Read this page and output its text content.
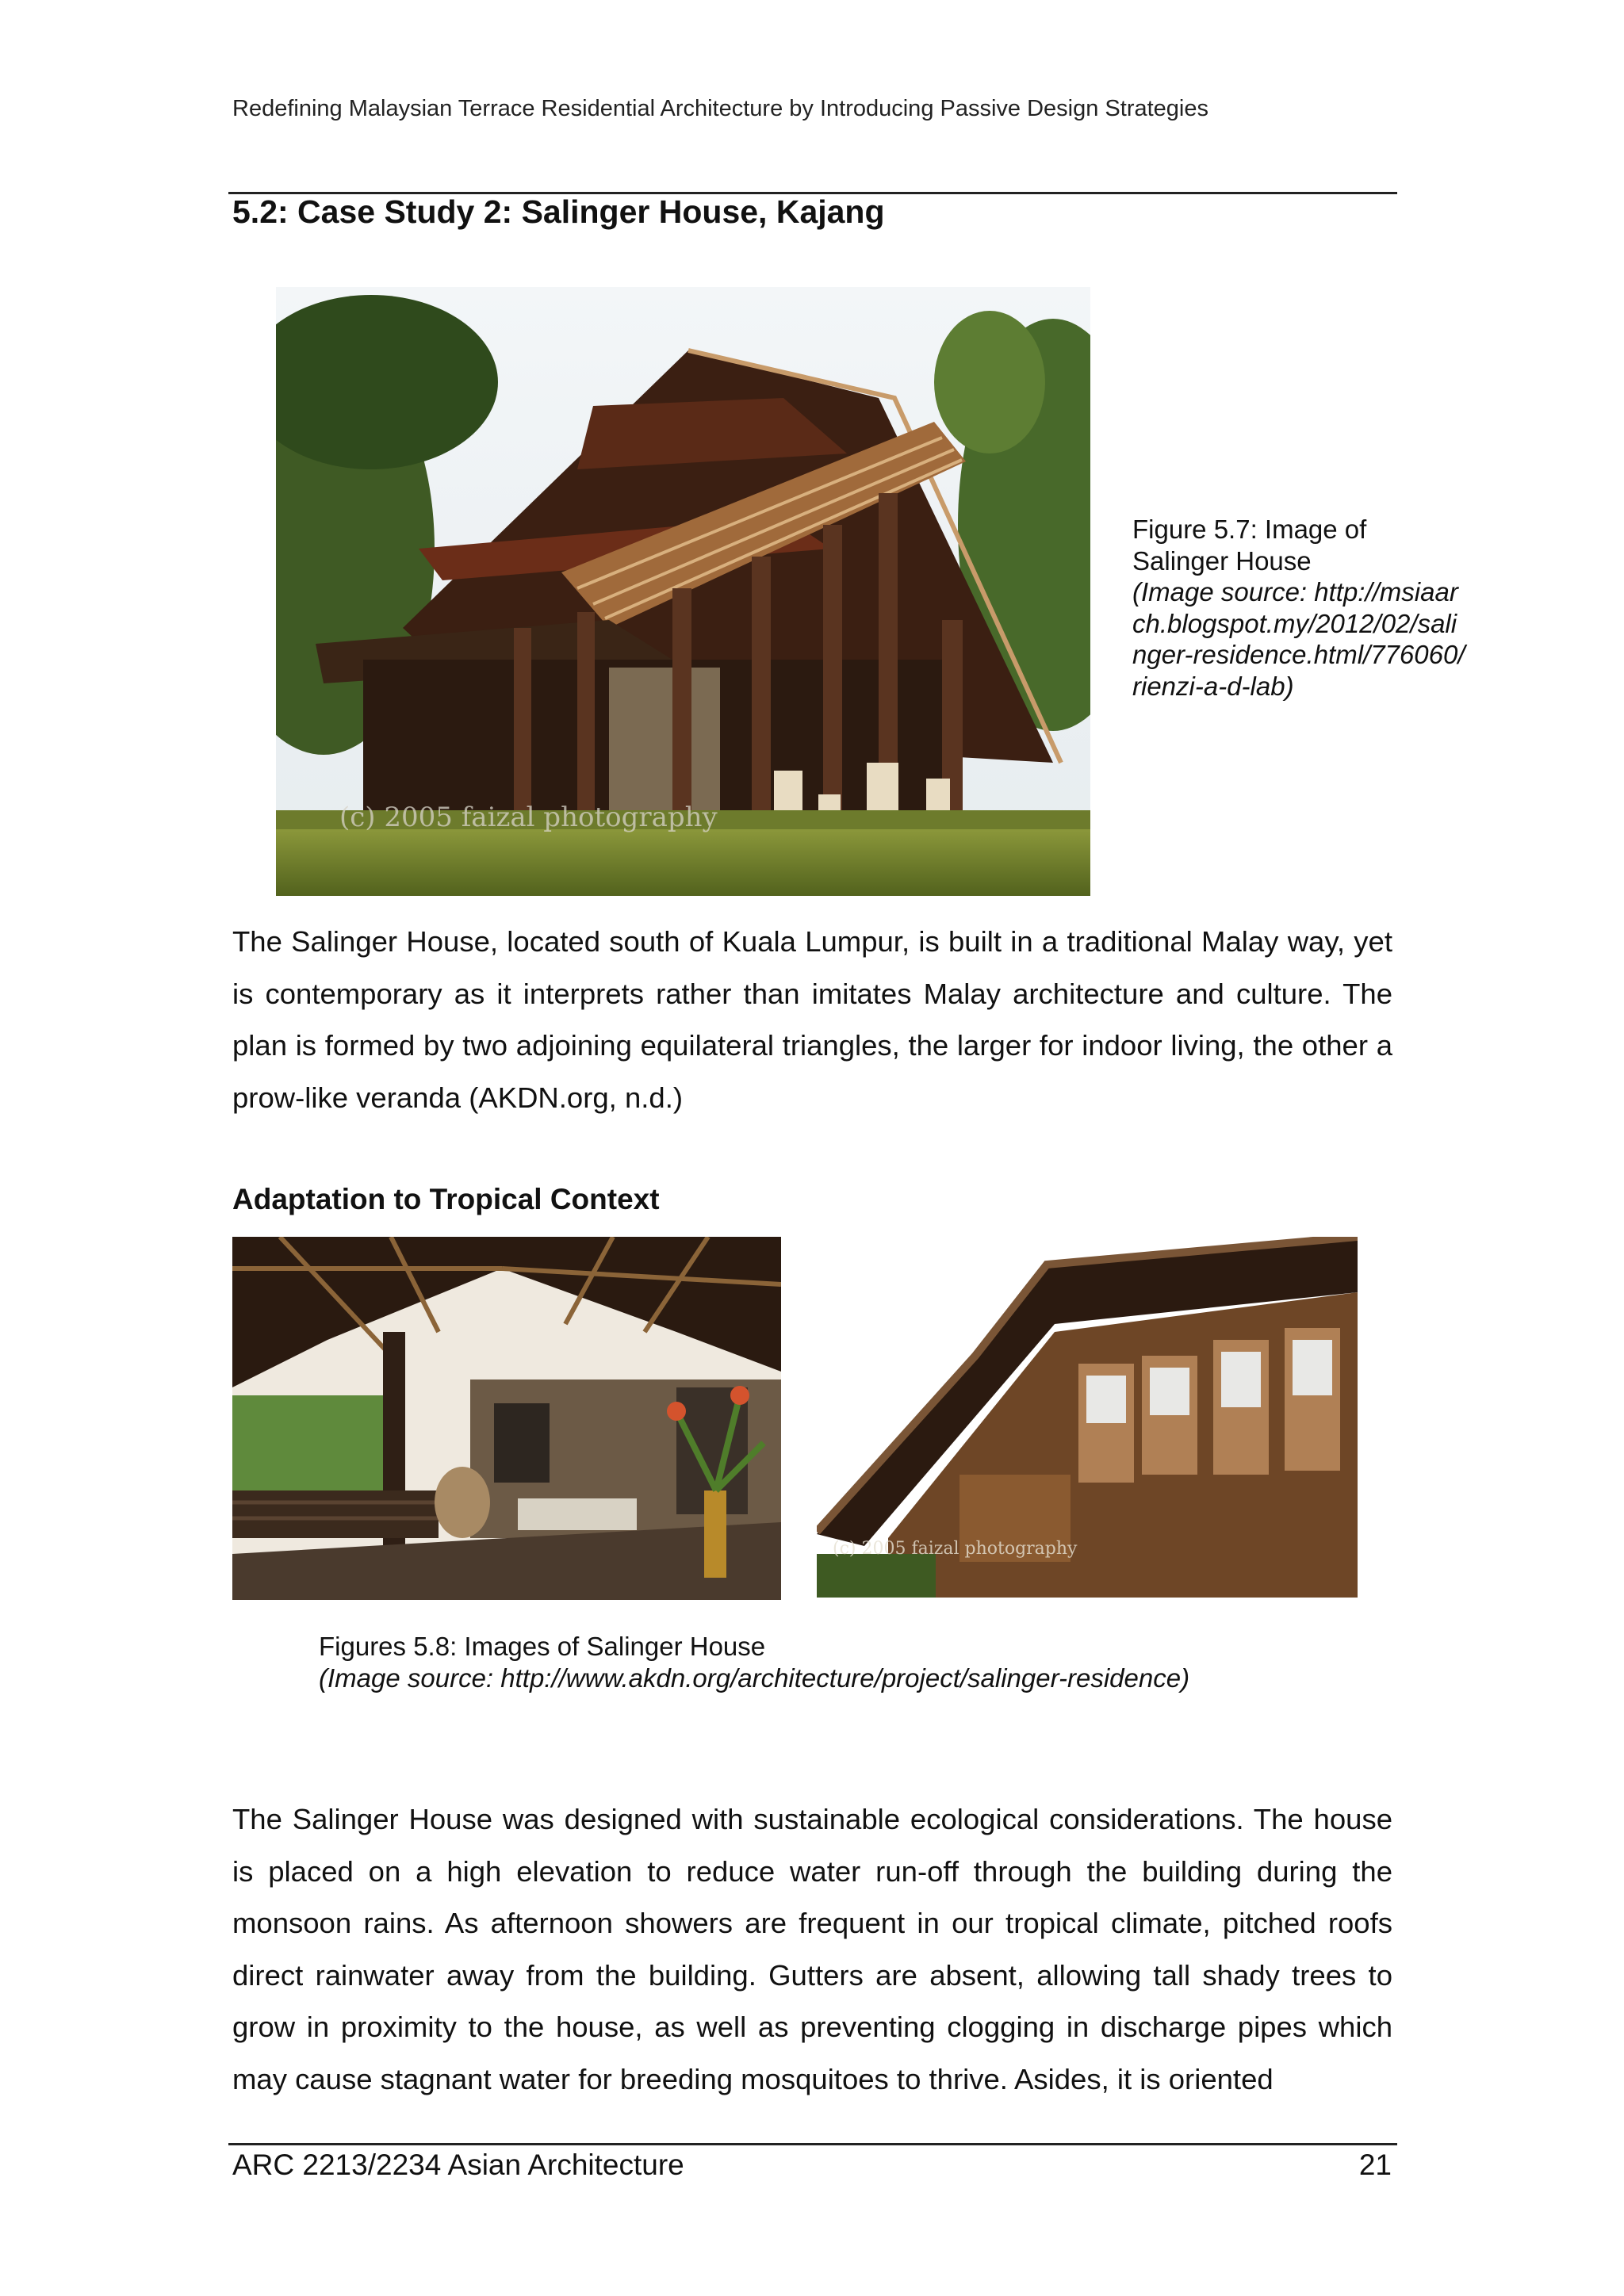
Redefining Malaysian Terrace Residential Architecture by Introducing Passive Design Strategies
5.2: Case Study 2: Salinger House, Kajang
(c) 2005 faizal photography
Figure 5.7: Image of Salinger House
(Image source: http://msiaarch.blogspot.my/2012/02/salinger-residence.html/776060/rienzi-a-d-lab)

The Salinger House, located south of Kuala Lumpur, is built in a traditional Malay way, yet is contemporary as it interprets rather than imitates Malay architecture and culture. The plan is formed by two adjoining equilateral triangles, the larger for indoor living, the other a prow-like veranda (AKDN.org, n.d.)

Adaptation to Tropical Context
(c) 2005 faizal photography
Figures 5.8: Images of Salinger House
(Image source: http://www.akdn.org/architecture/project/salinger-residence)

The Salinger House was designed with sustainable ecological considerations. The house is placed on a high elevation to reduce water run-off through the building during the monsoon rains. As afternoon showers are frequent in our tropical climate, pitched roofs direct rainwater away from the building. Gutters are absent, allowing tall shady trees to grow in proximity to the house, as well as preventing clogging in discharge pipes which may cause stagnant water for breeding mosquitoes to thrive. Asides, it is oriented

ARC 2213/2234 Asian Architecture	21
